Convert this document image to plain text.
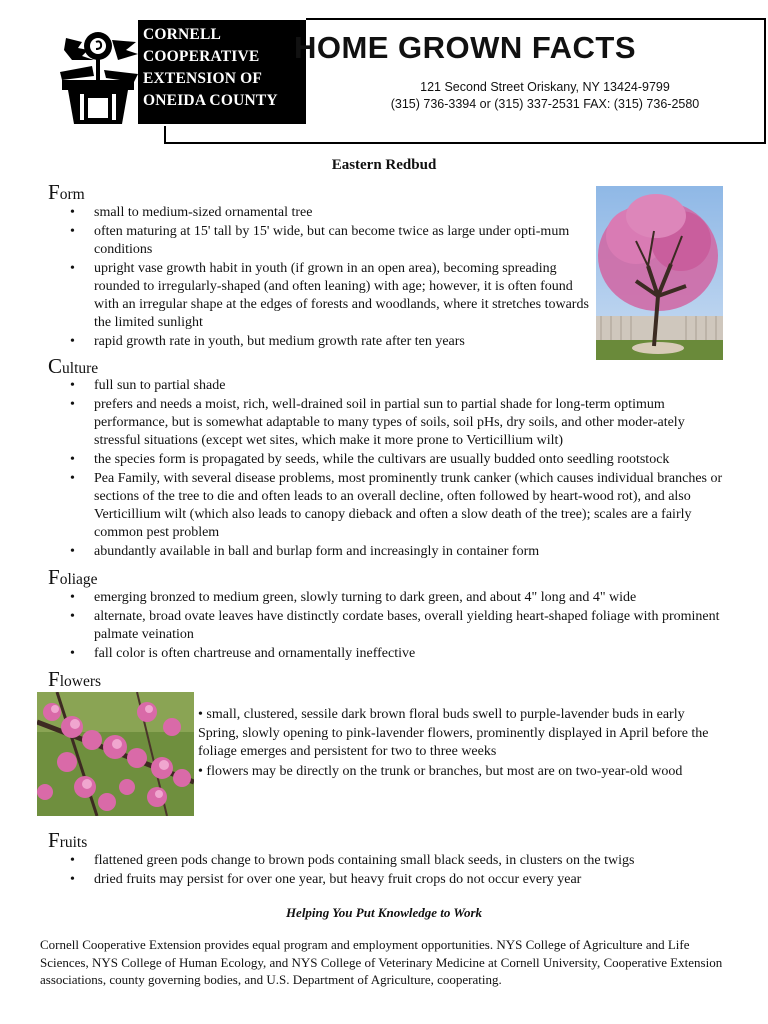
CORNELL
COOPERATIVE
EXTENSION OF
ONEIDA COUNTY
HOME GROWN FACTS
121 Second Street Oriskany, NY 13424-9799
(315) 736-3394 or (315) 337-2531 FAX: (315) 736-2580
Eastern Redbud
Form
• small to medium-sized ornamental tree
• often maturing at 15' tall by 15' wide, but can become twice as large under opti-mum conditions
• upright vase growth habit in youth (if grown in an open area), becoming spreading rounded to irregularly-shaped (and often leaning) with age; however, it is often found with an irregular shape at the edges of forests and woodlands, where it stretches towards the limited sunlight
• rapid growth rate in youth, but medium growth rate after ten years
Culture
• full sun to partial shade
• prefers and needs a moist, rich, well-drained soil in partial sun to partial shade for long-term optimum performance, but is somewhat adaptable to many types of soils, soil pHs, dry soils, and other moder-ately stressful situations (except wet sites, which make it more prone to Verticillium wilt)
• the species form is propagated by seeds, while the cultivars are usually budded onto seedling rootstock
• Pea Family, with several disease problems, most prominently trunk canker (which causes individual branches or sections of the tree to die and often leads to an overall decline, often followed by heart-wood rot), and also Verticillium wilt (which also leads to canopy dieback and often a slow death of the tree); scales are a fairly common pest problem
• abundantly available in ball and burlap form and increasingly in container form
Foliage
• emerging bronzed to medium green, slowly turning to dark green, and about 4" long and 4" wide
• alternate, broad ovate leaves have distinctly cordate bases, overall yielding heart-shaped foliage with prominent palmate veination
• fall color is often chartreuse and ornamentally ineffective
Flowers

• small, clustered, sessile dark brown floral buds swell to purple-lavender buds in early Spring, slowly opening to pink-lavender flowers, prominently displayed in April before the foliage emerges and persistent for two to three weeks

• flowers may be directly on the trunk or branches, but most are on two-year-old wood

Fruits
• flattened green pods change to brown pods containing small black seeds, in clusters on the twigs
• dried fruits may persist for over one year, but heavy fruit crops do not occur every year
Helping You Put Knowledge to Work
Cornell Cooperative Extension provides equal program and employment opportunities. NYS College of Agriculture and Life Sciences, NYS College of Human Ecology, and NYS College of Veterinary Medicine at Cornell University, Cooperative Extension associations, county governing bodies, and U.S. Department of Agriculture, cooperating.
